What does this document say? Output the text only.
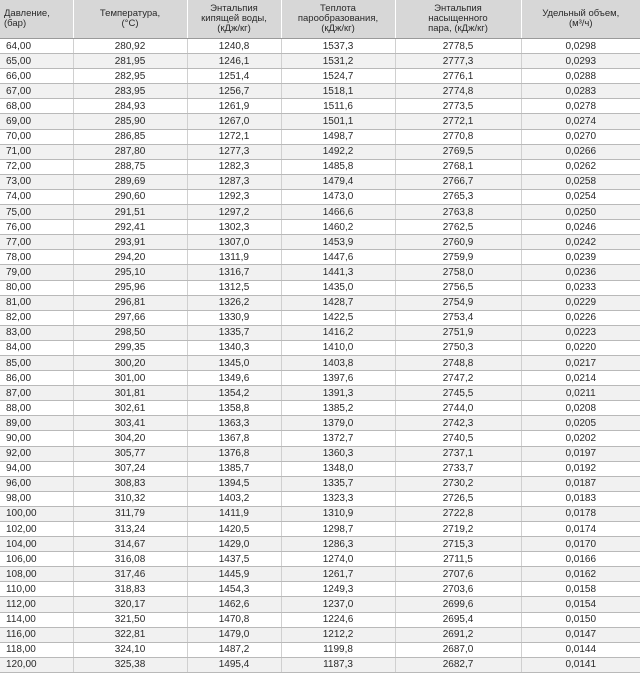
Давление,
(бар)	Температура,
(°С)	Энтальпия
кипящей воды,
(кДж/кг)	Теплота
парообразования,
(кДж/кг)	Энтальпия
насыщенного
пара, (кДж/кг)	Удельный объем,
(м³/ч)
64,00	280,92	1240,8	1537,3	2778,5	0,0298
65,00	281,95	1246,1	1531,2	2777,3	0,0293
66,00	282,95	1251,4	1524,7	2776,1	0,0288
67,00	283,95	1256,7	1518,1	2774,8	0,0283
68,00	284,93	1261,9	1511,6	2773,5	0,0278
69,00	285,90	1267,0	1501,1	2772,1	0,0274
70,00	286,85	1272,1	1498,7	2770,8	0,0270
71,00	287,80	1277,3	1492,2	2769,5	0,0266
72,00	288,75	1282,3	1485,8	2768,1	0,0262
73,00	289,69	1287,3	1479,4	2766,7	0,0258
74,00	290,60	1292,3	1473,0	2765,3	0,0254
75,00	291,51	1297,2	1466,6	2763,8	0,0250
76,00	292,41	1302,3	1460,2	2762,5	0,0246
77,00	293,91	1307,0	1453,9	2760,9	0,0242
78,00	294,20	1311,9	1447,6	2759,9	0,0239
79,00	295,10	1316,7	1441,3	2758,0	0,0236
80,00	295,96	1312,5	1435,0	2756,5	0,0233
81,00	296,81	1326,2	1428,7	2754,9	0,0229
82,00	297,66	1330,9	1422,5	2753,4	0,0226
83,00	298,50	1335,7	1416,2	2751,9	0,0223
84,00	299,35	1340,3	1410,0	2750,3	0,0220
85,00	300,20	1345,0	1403,8	2748,8	0,0217
86,00	301,00	1349,6	1397,6	2747,2	0,0214
87,00	301,81	1354,2	1391,3	2745,5	0,0211
88,00	302,61	1358,8	1385,2	2744,0	0,0208
89,00	303,41	1363,3	1379,0	2742,3	0,0205
90,00	304,20	1367,8	1372,7	2740,5	0,0202
92,00	305,77	1376,8	1360,3	2737,1	0,0197
94,00	307,24	1385,7	1348,0	2733,7	0,0192
96,00	308,83	1394,5	1335,7	2730,2	0,0187
98,00	310,32	1403,2	1323,3	2726,5	0,0183
100,00	311,79	1411,9	1310,9	2722,8	0,0178
102,00	313,24	1420,5	1298,7	2719,2	0,0174
104,00	314,67	1429,0	1286,3	2715,3	0,0170
106,00	316,08	1437,5	1274,0	2711,5	0,0166
108,00	317,46	1445,9	1261,7	2707,6	0,0162
110,00	318,83	1454,3	1249,3	2703,6	0,0158
112,00	320,17	1462,6	1237,0	2699,6	0,0154
114,00	321,50	1470,8	1224,6	2695,4	0,0150
116,00	322,81	1479,0	1212,2	2691,2	0,0147
118,00	324,10	1487,2	1199,8	2687,0	0,0144
120,00	325,38	1495,4	1187,3	2682,7	0,0141
